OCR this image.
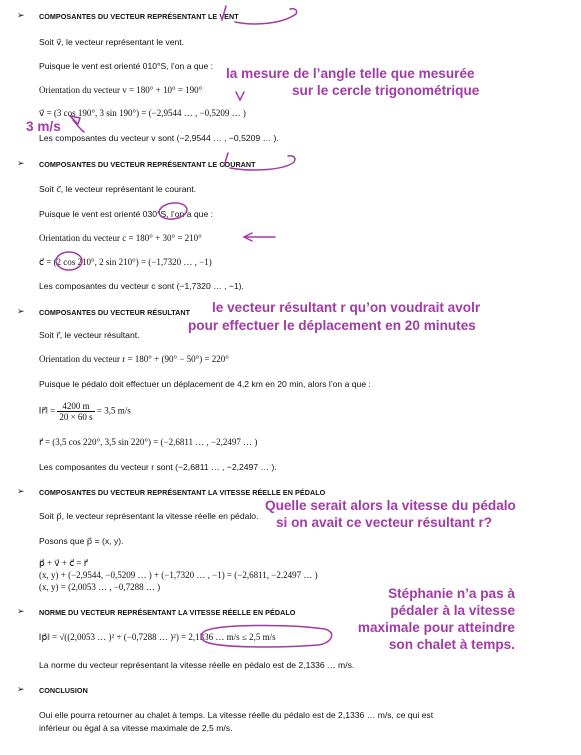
➢ COMPOSANTES DU VECTEUR REPRÉSENTANT LE VENT
Soit v⃗, le vecteur représentant le vent.
Puisque le vent est orienté 010°S, l’on a que :
Orientation du vecteur v = 180° + 10° = 190°
v⃗ = (3 cos 190°, 3 sin 190°) = (−2,9544 … , −0,5209 … )
Les composantes du vecteur v sont (−2,9544 … , −0,5209 … ).
➢ COMPOSANTES DU VECTEUR REPRÉSENTANT LE COURANT
Soit c⃗, le vecteur représentant le courant.
Puisque le vent est orienté 030°S, l’on a que :
Orientation du vecteur c = 180° + 30° = 210°
c⃗ = (2 cos 210°, 2 sin 210°) = (−1,7320 … , −1)
Les composantes du vecteur c sont (−1,7320 … , −1).
➢ COMPOSANTES DU VECTEUR RÉSULTANT
Soit r⃗, le vecteur résultant.
Orientation du vecteur r = 180° + (90° − 50°) = 220°
Puisque le pédalo doit effectuer un déplacement de 4,2 km en 20 min, alors l’on a que :
‖r⃗‖ = $\frac{4200 m}{20 \times 60 s} = 3,5$ m/s
r⃗ = (3,5 cos 220°, 3,5 sin 220°) = (−2,6811 … , −2,2497 … )
Les composantes du vecteur r sont (−2,6811 … , −2,2497 … ).
➢ COMPOSANTES DU VECTEUR REPRÉSENTANT LA VITESSE RÉELLE EN PÉDALO
Soit p⃗, le vecteur représentant la vitesse réelle en pédalo.
Posons que p⃗ = (x, y).
p⃗ + v⃗ + c⃗ = r⃗
(x, y) + (−2,9544, −0,5209 … ) + (−1,7320 … , −1) = (−2,6811, −2.2497 … )
(x, y) = (2,0053 … , −0,7288 … )
➢ NORME DU VECTEUR REPRÉSENTANT LA VITESSE RÉELLE EN PÉDALO
‖p⃗‖ = √((2,0053 … )² + (−0,7288 … )²) = 2,1336 … m/s ≤ 2,5 m/s
La norme du vecteur représentant la vitesse réelle en pédalo est de 2,1336 … m/s.
➢ CONCLUSION
Oui elle pourra retourner au chalet à temps. La vitesse réelle du pédalo est de 2,1336 … m/s, ce qui est
inférieur ou égal à sa vitesse maximale de 2,5 m/s.
la mesure de l’angle telle que mesurée
sur le cercle trigonométrique
3 m/s
le vecteur résultant r qu’on voudrait avolr
pour effectuer le déplacement en 20 minutes
Quelle serait alors la vitesse du pédalo
si on avait ce vecteur résultant r?
Stéphanie n’a pas à
pédaler à la vitesse
maximale pour atteindre
son chalet à temps.
